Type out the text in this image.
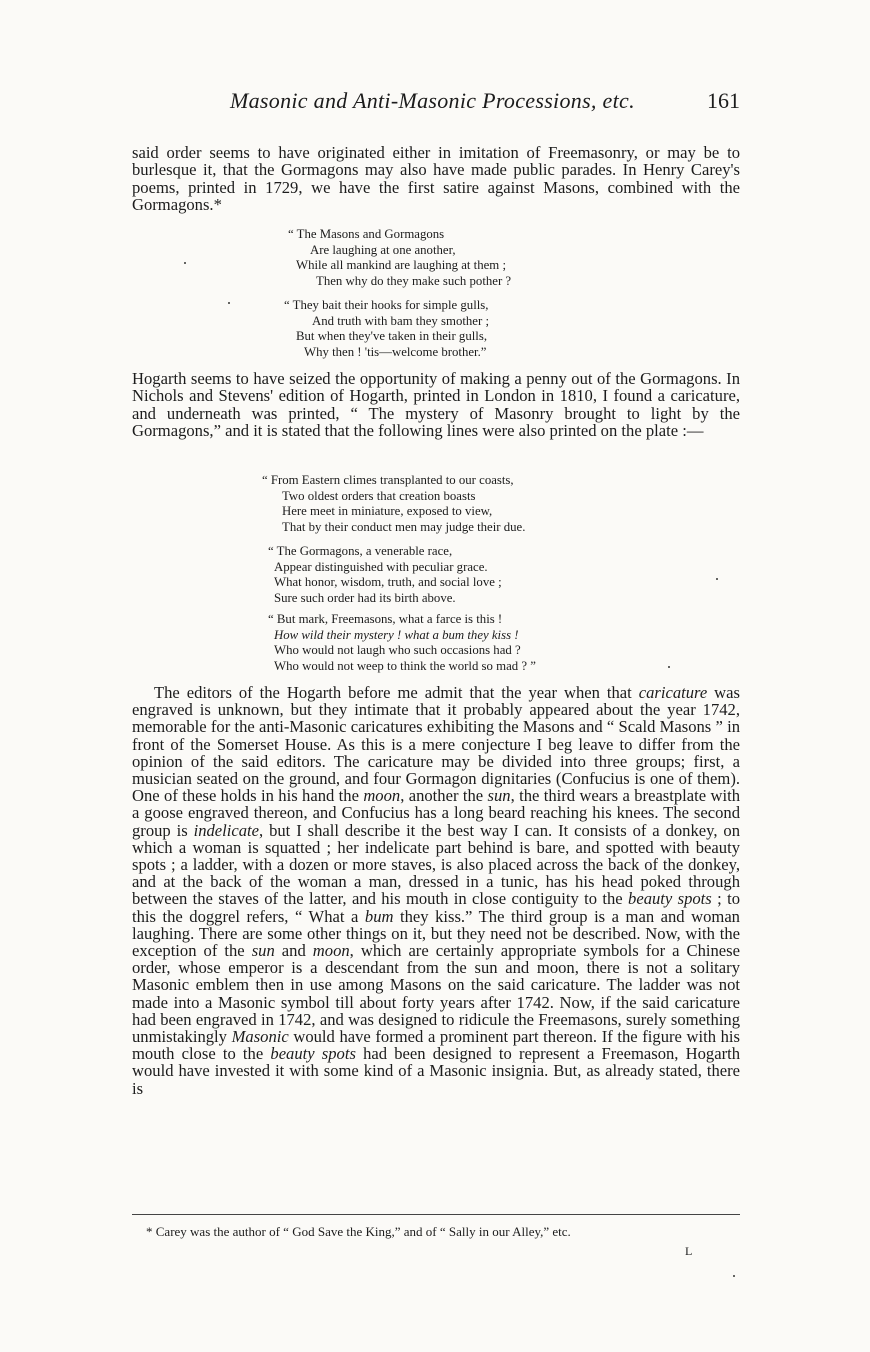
Masonic and Anti-Masonic Processions, etc.	161

said order seems to have originated either in imitation of Freemasonry, or may be to burlesque it, that the Gormagons may also have made public parades. In Henry Carey's poems, printed in 1729, we have the first satire against Masons, combined with the Gormagons.*

“ The Masons and Gormagons
Are laughing at one another,
While all mankind are laughing at them ;
Then why do they make such pother ?
“ They bait their hooks for simple gulls,
And truth with bam they smother ;
But when they've taken in their gulls,
Why then ! 'tis—welcome brother.”

Hogarth seems to have seized the opportunity of making a penny out of the Gormagons. In Nichols and Stevens' edition of Hogarth, printed in London in 1810, I found a caricature, and underneath was printed, “ The mystery of Masonry brought to light by the Gormagons,” and it is stated that the following lines were also printed on the plate :—

“ From Eastern climes transplanted to our coasts,
Two oldest orders that creation boasts
Here meet in miniature, exposed to view,
That by their conduct men may judge their due.
“ The Gormagons, a venerable race,
Appear distinguished with peculiar grace.
What honor, wisdom, truth, and social love ;
Sure such order had its birth above.
“ But mark, Freemasons, what a farce is this !
How wild their mystery ! what a bum they kiss !
Who would not laugh who such occasions had ?
Who would not weep to think the world so mad ? ”

The editors of the Hogarth before me admit that the year when that caricature was engraved is unknown, but they intimate that it probably appeared about the year 1742, memorable for the anti-Masonic caricatures exhibiting the Masons and “ Scald Masons ” in front of the Somerset House. As this is a mere conjecture I beg leave to differ from the opinion of the said editors. The caricature may be divided into three groups; first, a musician seated on the ground, and four Gormagon dignitaries (Confucius is one of them). One of these holds in his hand the moon, another the sun, the third wears a breastplate with a goose engraved thereon, and Confucius has a long beard reaching his knees. The second group is indelicate, but I shall describe it the best way I can. It consists of a donkey, on which a woman is squatted ; her indelicate part behind is bare, and spotted with beauty spots ; a ladder, with a dozen or more staves, is also placed across the back of the donkey, and at the back of the woman a man, dressed in a tunic, has his head poked through between the staves of the latter, and his mouth in close contiguity to the beauty spots ; to this the doggrel refers, “ What a bum they kiss.” The third group is a man and woman laughing. There are some other things on it, but they need not be described. Now, with the exception of the sun and moon, which are certainly appropriate symbols for a Chinese order, whose emperor is a descendant from the sun and moon, there is not a solitary Masonic emblem then in use among Masons on the said caricature. The ladder was not made into a Masonic symbol till about forty years after 1742. Now, if the said caricature had been engraved in 1742, and was designed to ridicule the Freemasons, surely something unmistakingly Masonic would have formed a prominent part thereon. If the figure with his mouth close to the beauty spots had been designed to represent a Freemason, Hogarth would have invested it with some kind of a Masonic insignia. But, as already stated, there is

* Carey was the author of “ God Save the King,” and of “ Sally in our Alley,” etc.
L
